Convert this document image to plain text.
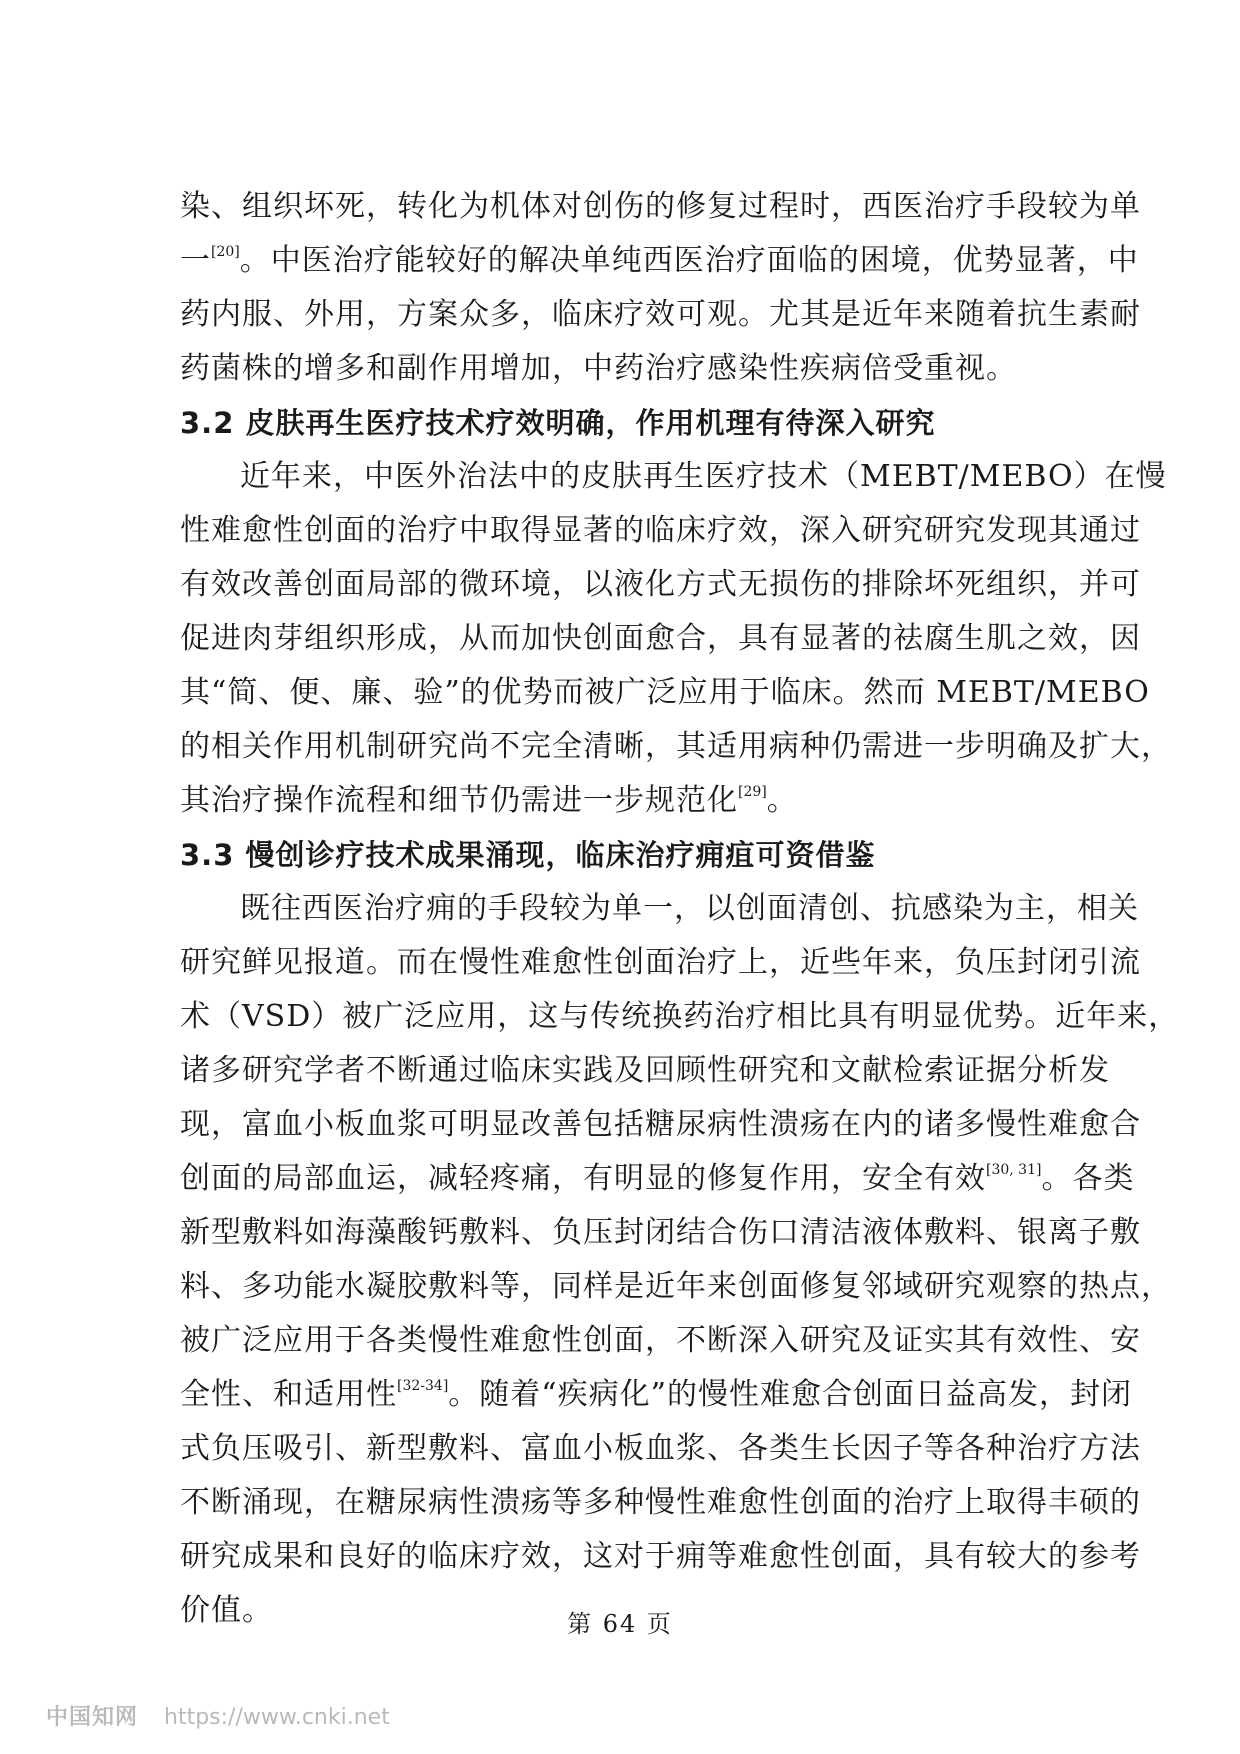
染、组织坏死，转化为机体对创伤的修复过程时，西医治疗手段较为单
一[20]。中医治疗能较好的解决单纯西医治疗面临的困境，优势显著，中
药内服、外用，方案众多，临床疗效可观。尤其是近年来随着抗生素耐
药菌株的增多和副作用增加，中药治疗感染性疾病倍受重视。
3.2 皮肤再生医疗技术疗效明确，作用机理有待深入研究
近年来，中医外治法中的皮肤再生医疗技术（MEBT/MEBO）在慢
性难愈性创面的治疗中取得显著的临床疗效，深入研究研究发现其通过
有效改善创面局部的微环境，以液化方式无损伤的排除坏死组织，并可
促进肉芽组织形成，从而加快创面愈合，具有显著的祛腐生肌之效，因
其“简、便、廉、验”的优势而被广泛应用于临床。然而 MEBT/MEBO
的相关作用机制研究尚不完全清晰，其适用病种仍需进一步明确及扩大，
其治疗操作流程和细节仍需进一步规范化[29]。
3.3 慢创诊疗技术成果涌现，临床治疗痈疽可资借鉴
既往西医治疗痈的手段较为单一，以创面清创、抗感染为主，相关
研究鲜见报道。而在慢性难愈性创面治疗上，近些年来，负压封闭引流
术（VSD）被广泛应用，这与传统换药治疗相比具有明显优势。近年来，
诸多研究学者不断通过临床实践及回顾性研究和文献检索证据分析发
现，富血小板血浆可明显改善包括糖尿病性溃疡在内的诸多慢性难愈合
创面的局部血运，减轻疼痛，有明显的修复作用，安全有效[30, 31]。各类
新型敷料如海藻酸钙敷料、负压封闭结合伤口清洁液体敷料、银离子敷
料、多功能水凝胶敷料等，同样是近年来创面修复邻域研究观察的热点，
被广泛应用于各类慢性难愈性创面，不断深入研究及证实其有效性、安
全性、和适用性[32-34]。随着“疾病化”的慢性难愈合创面日益高发，封闭
式负压吸引、新型敷料、富血小板血浆、各类生长因子等各种治疗方法
不断涌现，在糖尿病性溃疡等多种慢性难愈性创面的治疗上取得丰硕的
研究成果和良好的临床疗效，这对于痈等难愈性创面，具有较大的参考
价值。	第 64 页
中国知网 https://www.cnki.net
